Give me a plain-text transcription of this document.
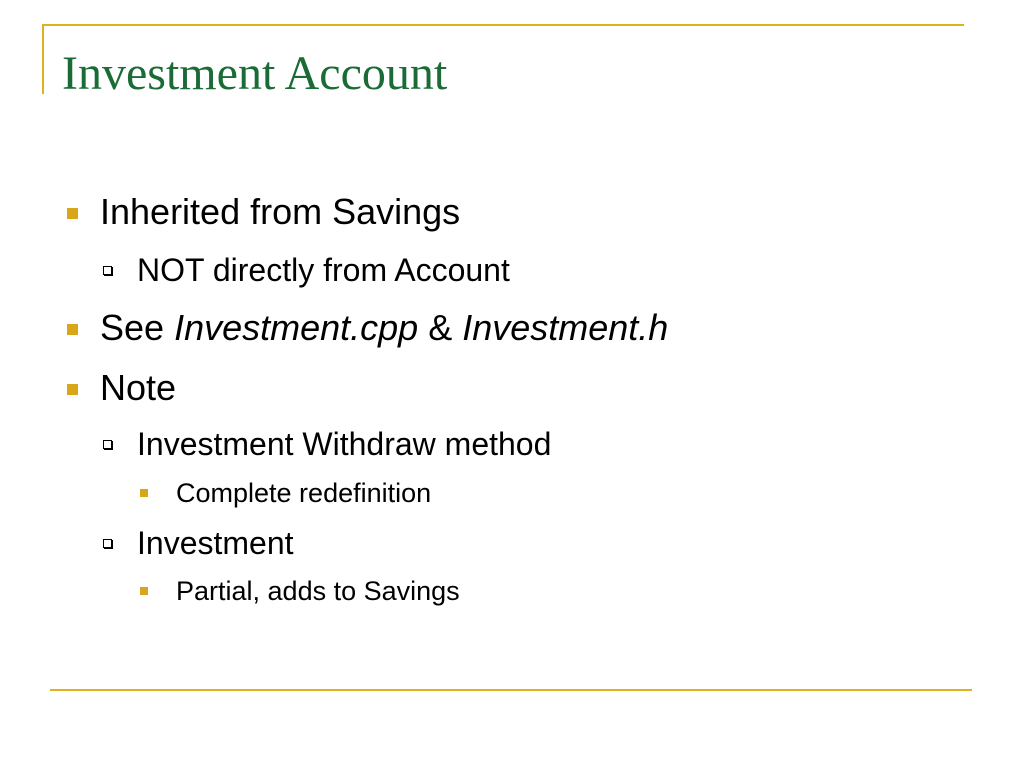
Investment Account
Inherited from Savings
NOT directly from Account
See Investment.cpp & Investment.h
Note
Investment Withdraw method
Complete redefinition
Investment
Partial, adds to Savings
